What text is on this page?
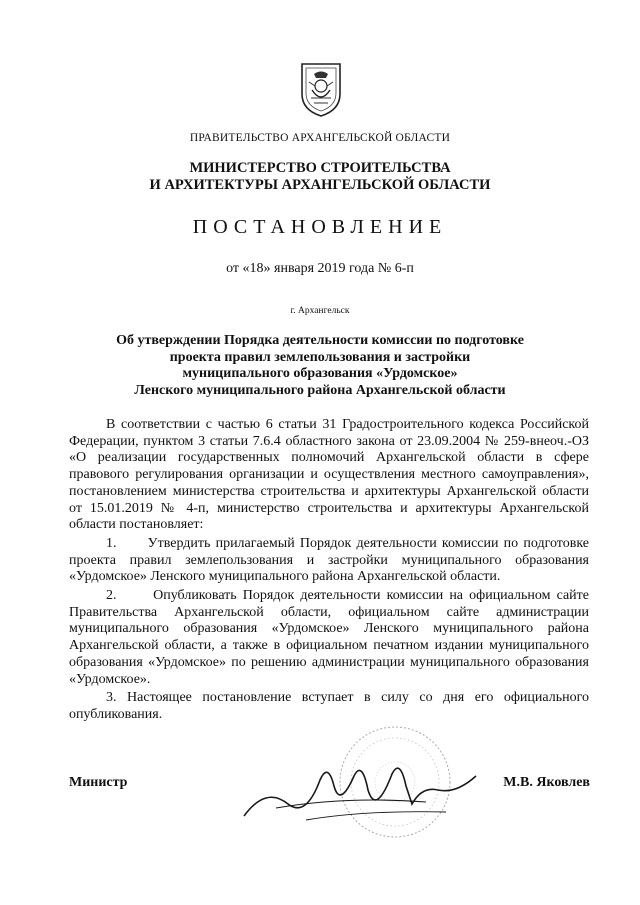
ПРАВИТЕЛЬСТВО АРХАНГЕЛЬСКОЙ ОБЛАСТИ
МИНИСТЕРСТВО СТРОИТЕЛЬСТВА
И АРХИТЕКТУРЫ АРХАНГЕЛЬСКОЙ ОБЛАСТИ
ПОСТАНОВЛЕНИЕ
от «18» января 2019 года № 6-п
г. Архангельск
Об утверждении Порядка деятельности комиссии по подготовке
проекта правил землепользования и застройки
муниципального образования «Урдомское»
Ленского муниципального района Архангельской области

В соответствии с частью 6 статьи 31 Градостроительного кодекса Российской Федерации, пунктом 3 статьи 7.6.4 областного закона от 23.09.2004 № 259-внеоч.-ОЗ «О реализации государственных полномочий Архангельской области в сфере правового регулирования организации и осуществления местного самоуправления», постановлением министерства строительства и архитектуры Архангельской области от 15.01.2019 № 4-п, министерство строительства и архитектуры Архангельской области постановляет:

1.      Утвердить прилагаемый Порядок деятельности комиссии по подготовке проекта правил землепользования и застройки муниципального образования «Урдомское» Ленского муниципального района Архангельской области.

2.      Опубликовать Порядок деятельности комиссии на официальном сайте Правительства Архангельской области, официальном сайте администрации муниципального образования «Урдомское» Ленского муниципального района Архангельской области, а также в официальном печатном издании муниципального образования «Урдомское» по решению администрации муниципального образования «Урдомское».

3. Настоящее постановление вступает в силу со дня его официального опубликования.

Министр	М.В. Яковлев
